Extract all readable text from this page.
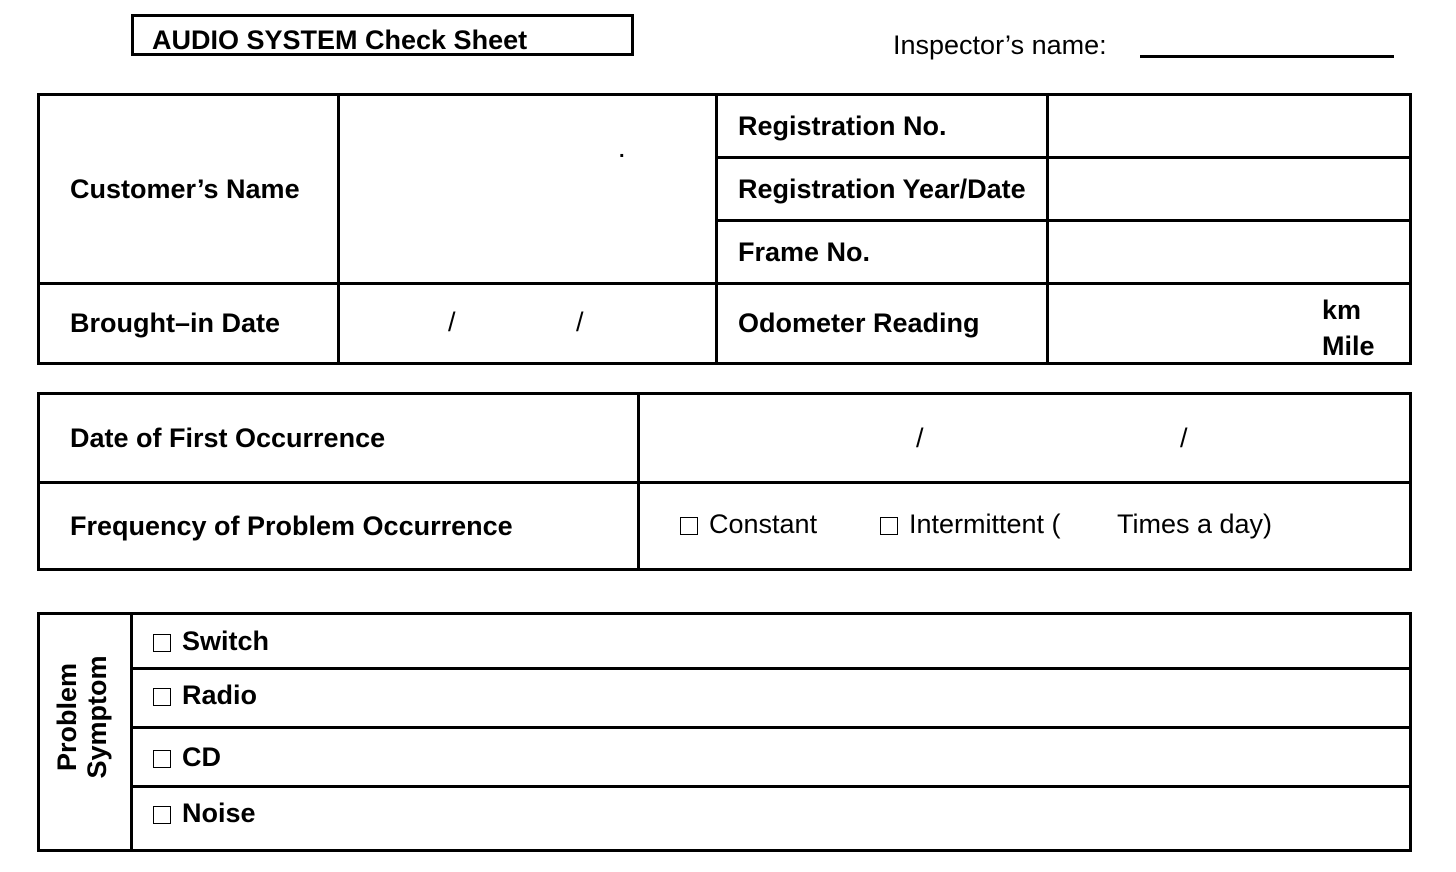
AUDIO SYSTEM Check Sheet	Inspector’s name:
Customer’s Name	.	Registration No.	
		Registration Year/Date	
		Frame No.	
Brought–in Date	/ /	Odometer Reading	km
Mile
Date of First Occurrence	/ /

Frequency of Problem Occurrence	Constant Intermittent ( Times a day)
Problem Symptom
	Switch
Radio
CD
Noise
